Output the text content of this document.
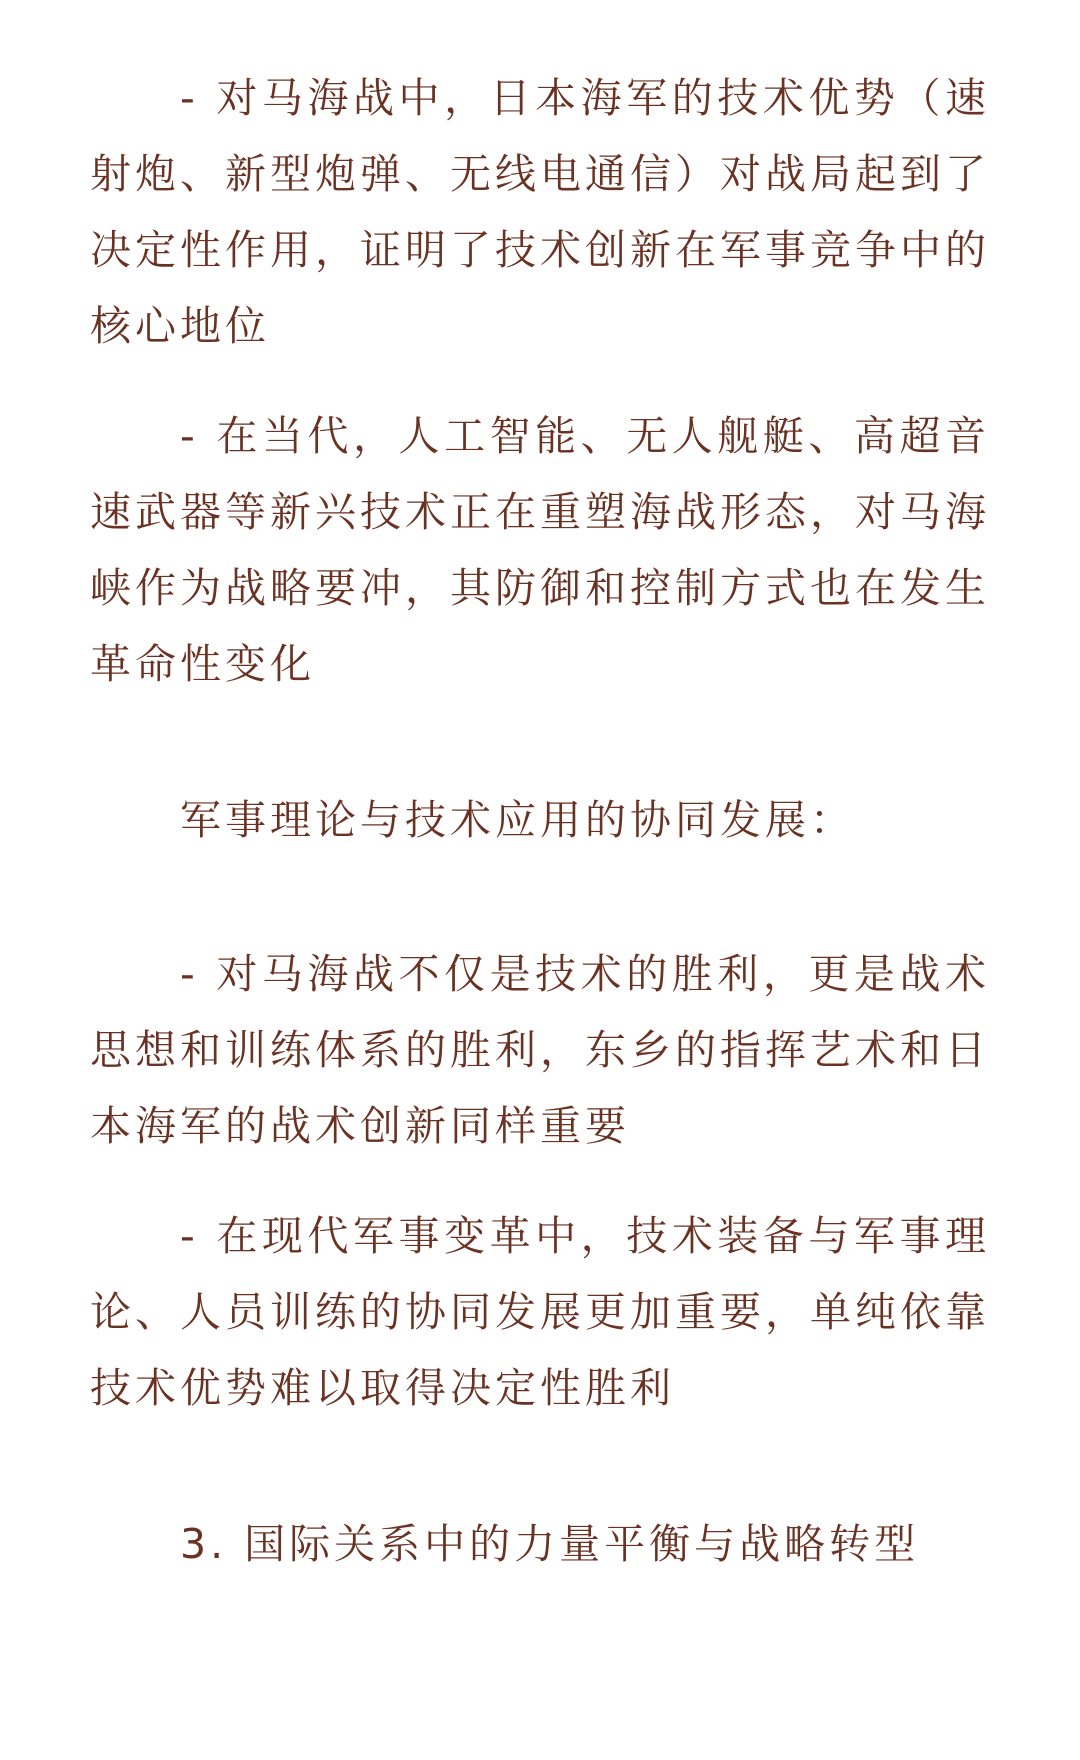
- 对马海战中，日本海军的技术优势（速射炮、新型炮弹、无线电通信）对战局起到了决定性作用，证明了技术创新在军事竞争中的核心地位

- 在当代，人工智能、无人舰艇、高超音速武器等新兴技术正在重塑海战形态，对马海峡作为战略要冲，其防御和控制方式也在发生革命性变化

军事理论与技术应用的协同发展：

- 对马海战不仅是技术的胜利，更是战术思想和训练体系的胜利，东乡的指挥艺术和日本海军的战术创新同样重要

- 在现代军事变革中，技术装备与军事理论、人员训练的协同发展更加重要，单纯依靠技术优势难以取得决定性胜利

3. 国际关系中的力量平衡与战略转型
